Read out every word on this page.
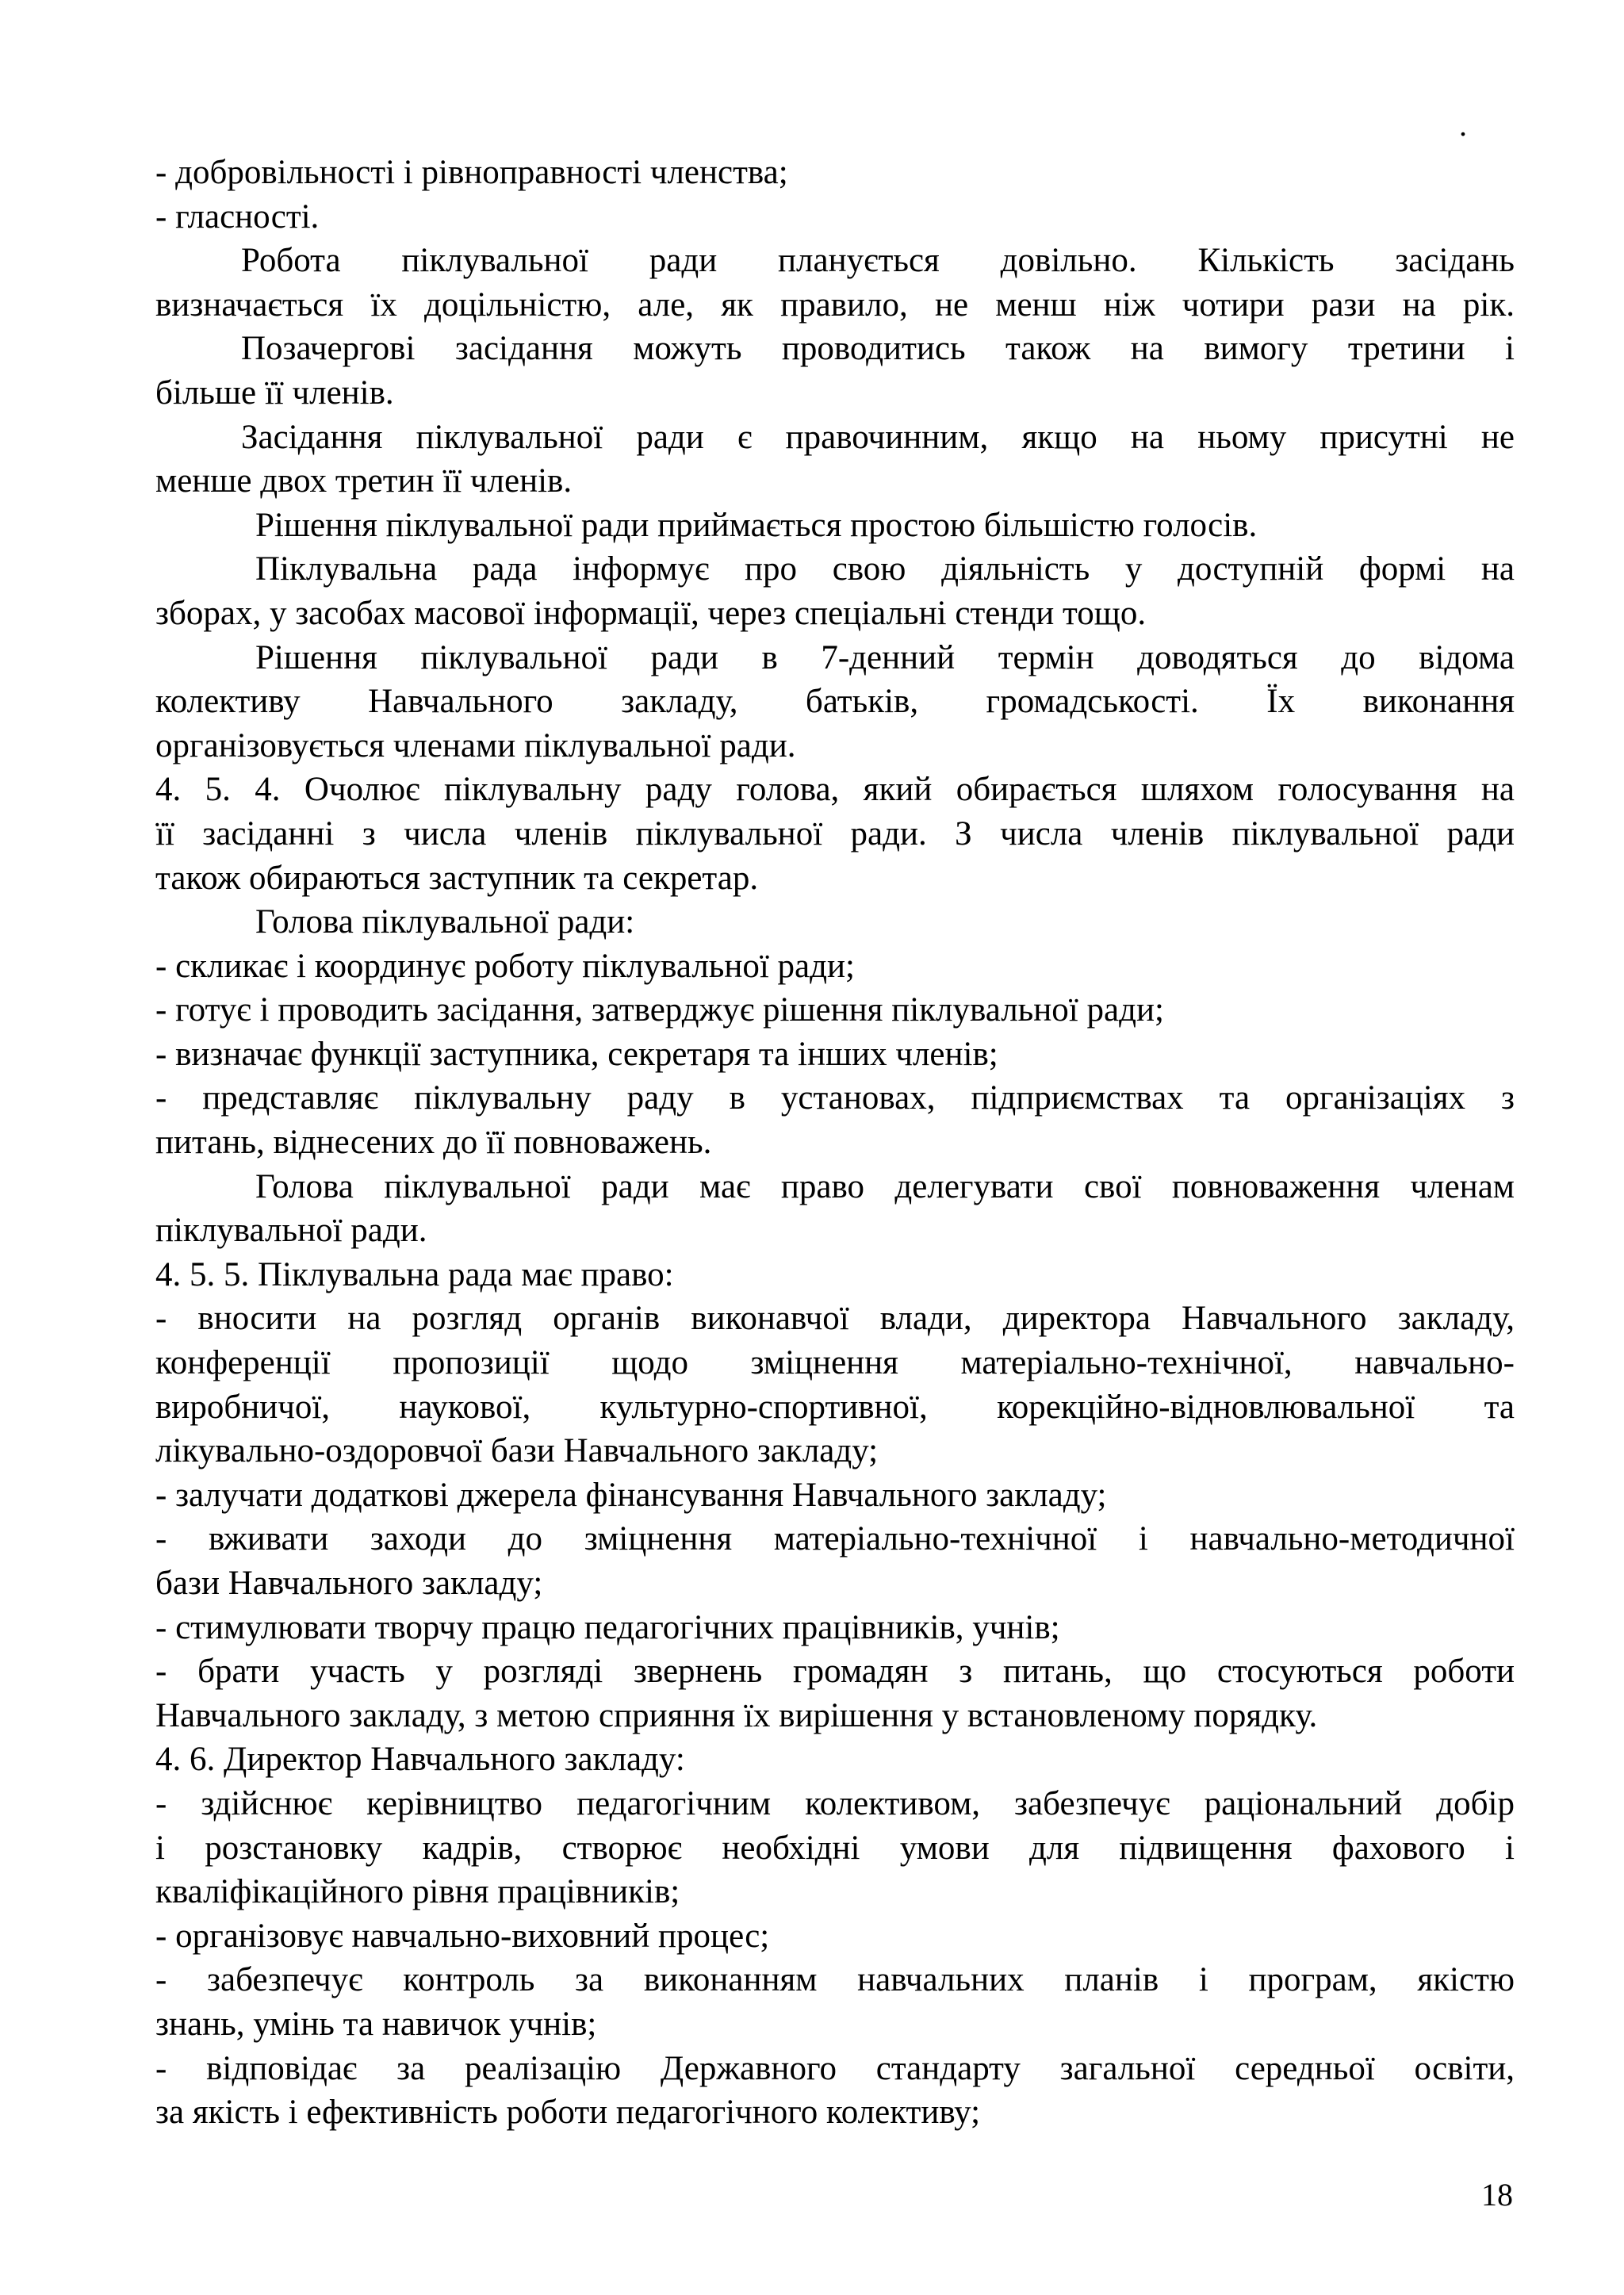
.
- добровільності і рівноправності членства;
- гласності.
Робота піклувальної ради планується довільно. Кількість засідань
визначається їх доцільністю, але, як правило, не менш ніж чотири рази на рік.
Позачергові засідання можуть проводитись також на вимогу третини і
більше її членів.
Засідання піклувальної ради є правочинним, якщо на ньому присутні не
менше двох третин її членів.
Рішення піклувальної ради приймається простою більшістю голосів.
Піклувальна рада інформує про свою діяльність у доступній формі на
зборах, у засобах масової інформації, через спеціальні стенди тощо.
Рішення піклувальної ради в 7-денний термін доводяться до відома
колективу Навчального закладу, батьків, громадськості. Їх виконання
організовується членами піклувальної ради.
4. 5. 4. Очолює піклувальну раду голова, який обирається шляхом голосування на
її засіданні з числа членів піклувальної ради. З числа членів піклувальної ради
також обираються заступник та секретар.
Голова піклувальної ради:
- скликає і координує роботу піклувальної ради;
- готує і проводить засідання, затверджує рішення піклувальної ради;
- визначає функції заступника, секретаря та інших членів;
- представляє піклувальну раду в установах, підприємствах та організаціях з
питань, віднесених до її повноважень.
Голова піклувальної ради має право делегувати свої повноваження членам
піклувальної ради.
4. 5. 5. Піклувальна рада має право:
- вносити на розгляд органів виконавчої влади, директора Навчального закладу,
конференції пропозиції щодо зміцнення матеріально-технічної, навчально-
виробничої, наукової, культурно-спортивної, корекційно-відновлювальної та
лікувально-оздоровчої бази Навчального закладу;
- залучати додаткові джерела фінансування Навчального закладу;
- вживати заходи до зміцнення матеріально-технічної і навчально-методичної
бази Навчального закладу;
- стимулювати творчу працю педагогічних працівників, учнів;
- брати участь у розгляді звернень громадян з питань, що стосуються роботи
Навчального закладу, з метою сприяння їх вирішення у встановленому порядку.
4. 6. Директор Навчального закладу:
- здійснює керівництво педагогічним колективом, забезпечує раціональний добір
і розстановку кадрів, створює необхідні умови для підвищення фахового і
кваліфікаційного рівня працівників;
- організовує навчально-виховний процес;
- забезпечує контроль за виконанням навчальних планів і програм, якістю
знань, умінь та навичок учнів;
- відповідає за реалізацію Державного стандарту загальної середньої освіти,
за якість і ефективність роботи педагогічного колективу;
18
